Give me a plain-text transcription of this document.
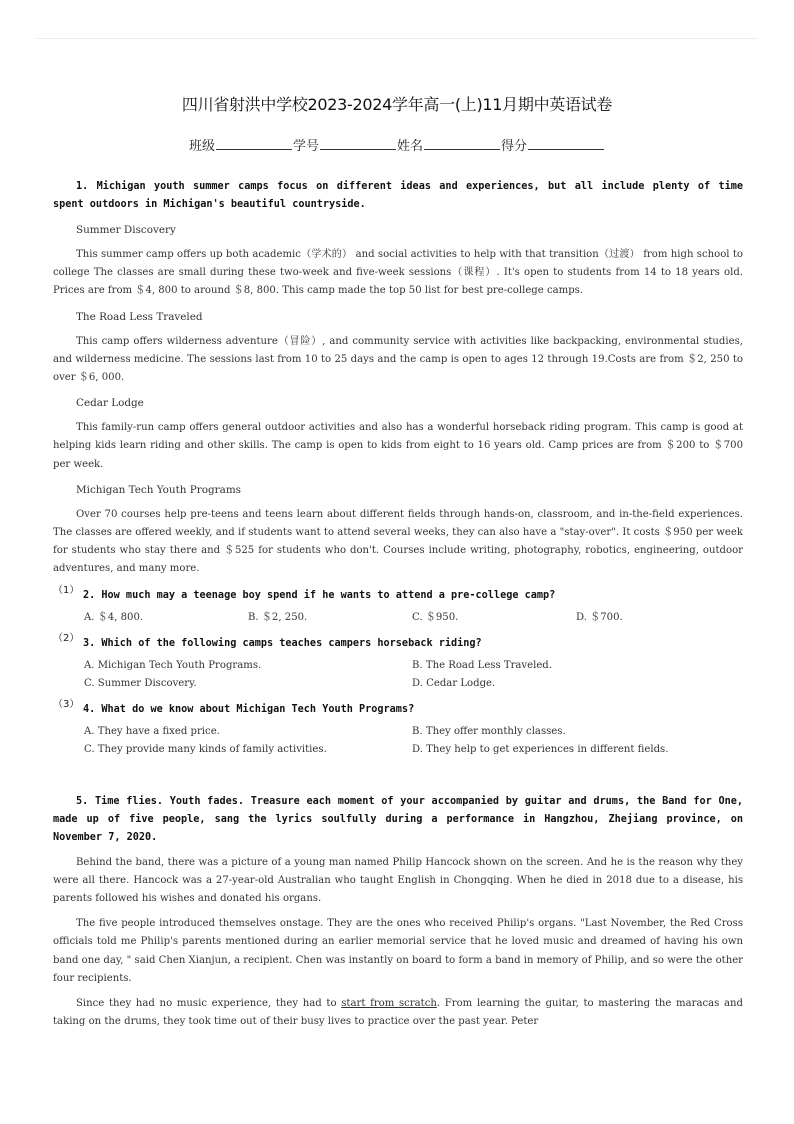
四川省射洪中学校2023-2024学年高一(上)11月期中英语试卷
班级	学号	姓名	得分

1. Michigan youth summer camps focus on different ideas and experiences, but all include plenty of time spent outdoors in Michigan's beautiful countryside.

Summer Discovery

This summer camp offers up both academic（学术的） and social activities to help with that transition（过渡） from high school to college The classes are small during these two-week and five-week sessions（课程）. It's open to students from 14 to 18 years old. Prices are from ＄4, 800 to around ＄8, 800. This camp made the top 50 list for best pre-college camps.

The Road Less Traveled

This camp offers wilderness adventure（冒险）, and community service with activities like backpacking, environmental studies, and wilderness medicine. The sessions last from 10 to 25 days and the camp is open to ages 12 through 19.Costs are from ＄2, 250 to over ＄6, 000.

Cedar Lodge

This family-run camp offers general outdoor activities and also has a wonderful horseback riding program. This camp is good at helping kids learn riding and other skills. The camp is open to kids from eight to 16 years old. Camp prices are from ＄200 to ＄700 per week.

Michigan Tech Youth Programs

Over 70 courses help pre-teens and teens learn about different fields through hands-on, classroom, and in-the-field experiences. The classes are offered weekly, and if students want to attend several weeks, they can also have a "stay-over". It costs ＄950 per week for students who stay there and ＄525 for students who don't. Courses include writing, photography, robotics, engineering, outdoor adventures, and many more.

（1） 2. How much may a teenage boy spend if he wants to attend a pre-college camp?
A. ＄4, 800.	B. ＄2, 250.	C. ＄950.	D. ＄700.
（2） 3. Which of the following camps teaches campers horseback riding?
A. Michigan Tech Youth Programs.	B. The Road Less Traveled.
C. Summer Discovery.	D. Cedar Lodge.
（3） 4. What do we know about Michigan Tech Youth Programs?
A. They have a fixed price.	B. They offer monthly classes.
C. They provide many kinds of family activities.	D. They help to get experiences in different fields.

5. Time flies. Youth fades. Treasure each moment of your accompanied by guitar and drums, the Band for One, made up of five people, sang the lyrics soulfully during a performance in Hangzhou, Zhejiang province, on November 7, 2020.

Behind the band, there was a picture of a young man named Philip Hancock shown on the screen. And he is the reason why they were all there. Hancock was a 27-year-old Australian who taught English in Chongqing. When he died in 2018 due to a disease, his parents followed his wishes and donated his organs.

The five people introduced themselves onstage. They are the ones who received Philip's organs. "Last November, the Red Cross officials told me Philip's parents mentioned during an earlier memorial service that he loved music and dreamed of having his own band one day, " said Chen Xianjun, a recipient. Chen was instantly on board to form a band in memory of Philip, and so were the other four recipients.

Since they had no music experience, they had to start from scratch. From learning the guitar, to mastering the maracas and taking on the drums, they took time out of their busy lives to practice over the past year. Peter
